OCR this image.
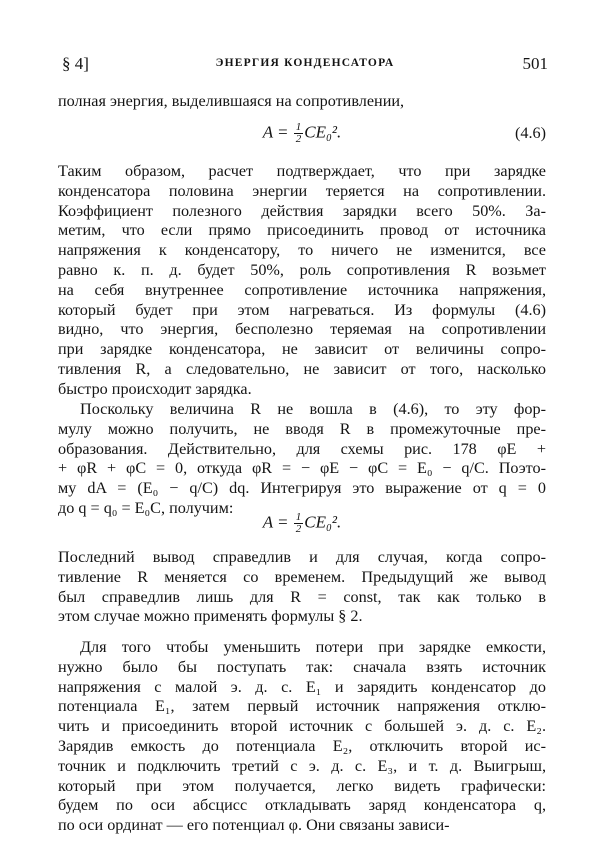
§ 4]	ЭНЕРГИЯ КОНДЕНСАТОРА	501
полная энергия, выделившаяся на сопротивлении,
$A = \frac{1}{2} CE_0^2$.	(4.6)
Таким образом, расчет подтверждает, что при зарядке
конденсатора половина энергии теряется на сопротивлении.
Коэффициент полезного действия зарядки всего 50%. За-
метим, что если прямо присоединить провод от источника
напряжения к конденсатору, то ничего не изменится, все
равно к. п. д. будет 50%, роль сопротивления R возьмет
на себя внутреннее сопротивление источника напряжения,
который будет при этом нагреваться. Из формулы (4.6)
видно, что энергия, бесполезно теряемая на сопротивлении
при зарядке конденсатора, не зависит от величины сопро-
тивления R, а следовательно, не зависит от того, насколько
быстро происходит зарядка.
Поскольку величина R не вошла в (4.6), то эту фор-
мулу можно получить, не вводя R в промежуточные пре-
образования. Действительно, для схемы рис. 178 φE +
+ φR + φC = 0, откуда φR = − φE − φC = E₀ − q/C. Поэто-
му dA = (E₀ − q/C) dq. Интегрируя это выражение от q = 0
до q = q₀ = E₀C, получим:
$A = \frac{1}{2} CE_0^2$.
Последний вывод справедлив и для случая, когда сопро-
тивление R меняется со временем. Предыдущий же вывод
был справедлив лишь для R = const, так как только в
этом случае можно применять формулы § 2.
Для того чтобы уменьшить потери при зарядке емкости,
нужно было бы поступать так: сначала взять источник
напряжения с малой э. д. с. E₁ и зарядить конденсатор до
потенциала E₁, затем первый источник напряжения отклю-
чить и присоединить второй источник с большей э. д. с. E₂.
Зарядив емкость до потенциала E₂, отключить второй ис-
точник и подключить третий с э. д. с. E₃, и т. д. Выигрыш,
который при этом получается, легко видеть графически:
будем по оси абсцисс откладывать заряд конденсатора q,
по оси ординат — его потенциал φ. Они связаны зависи-
